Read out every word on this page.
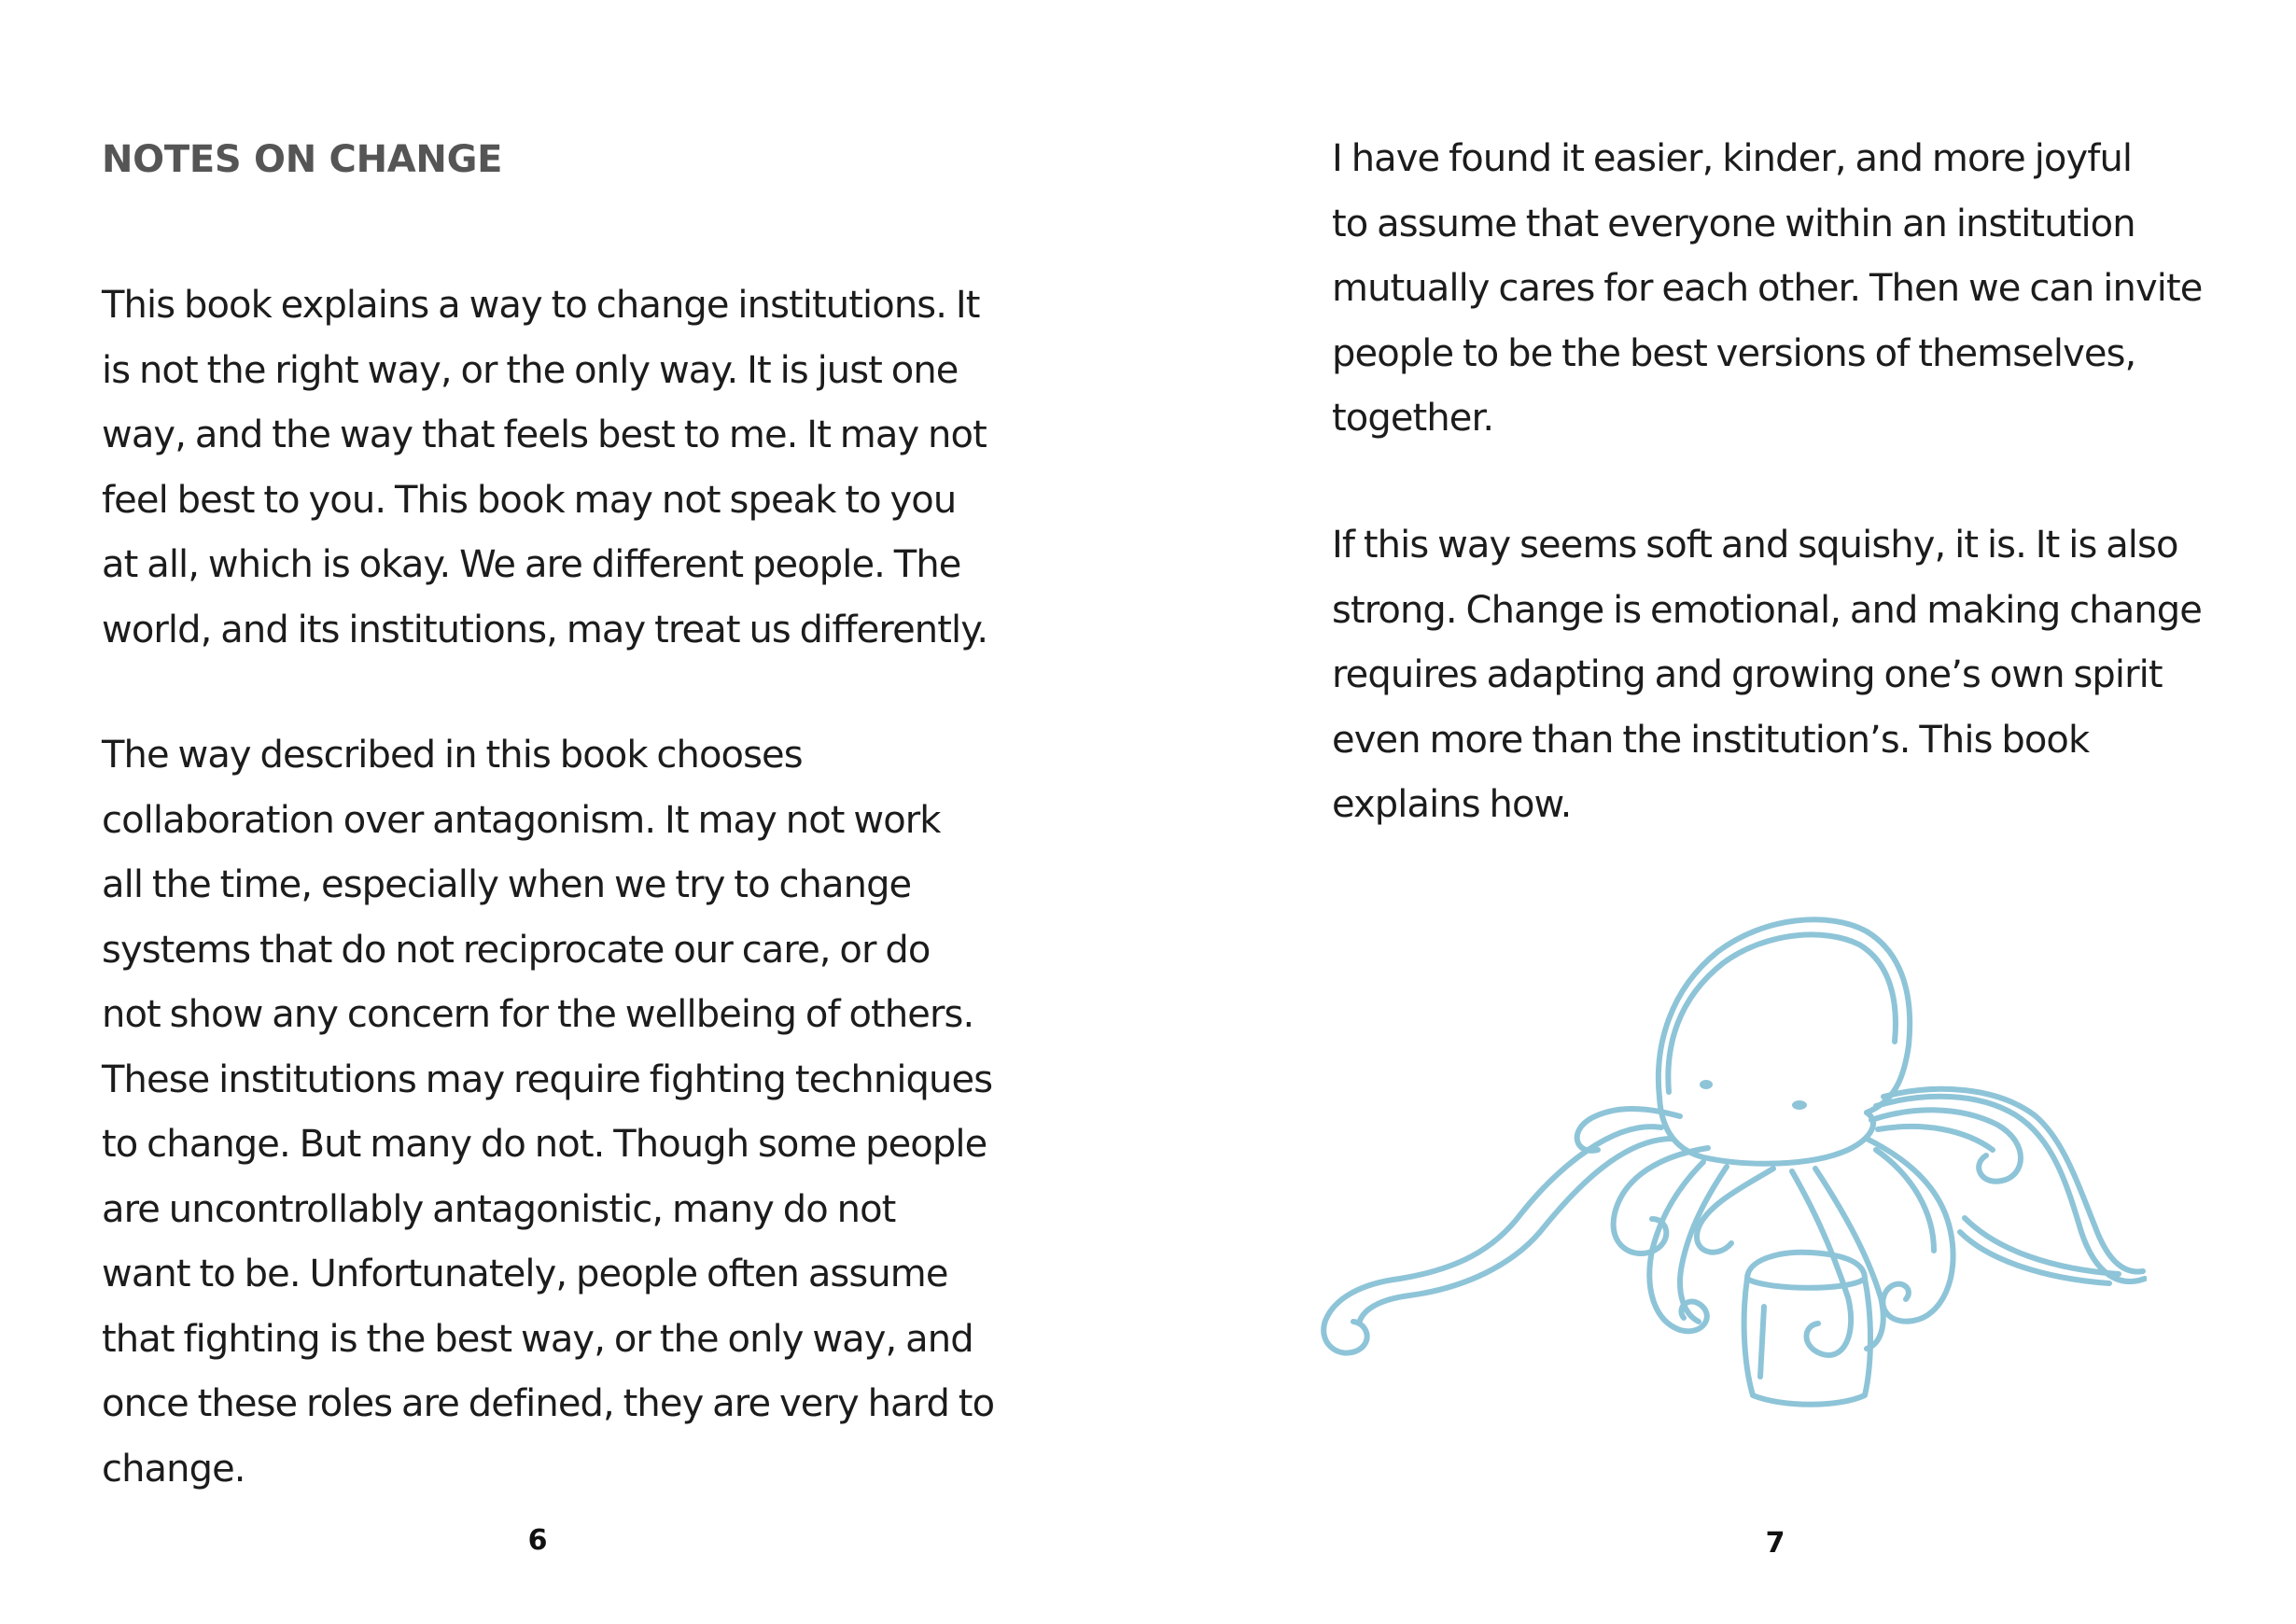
NOTES ON CHANGE

This book explains a way to change institutions. It
is not the right way, or the only way. It is just one
way, and the way that feels best to me. It may not
feel best to you. This book may not speak to you
at all, which is okay. We are different people. The
world, and its institutions, may treat us differently.

The way described in this book chooses
collaboration over antagonism. It may not work
all the time, especially when we try to change
systems that do not reciprocate our care, or do
not show any concern for the wellbeing of others.
These institutions may require fighting techniques
to change. But many do not. Though some people
are uncontrollably antagonistic, many do not
want to be. Unfortunately, people often assume
that fighting is the best way, or the only way, and
once these roles are defined, they are very hard to
change.

6

I have found it easier, kinder, and more joyful
to assume that everyone within an institution
mutually cares for each other. Then we can invite
people to be the best versions of themselves,
together.

If this way seems soft and squishy, it is. It is also
strong. Change is emotional, and making change
requires adapting and growing one’s own spirit
even more than the institution’s. This book
explains how.

7
